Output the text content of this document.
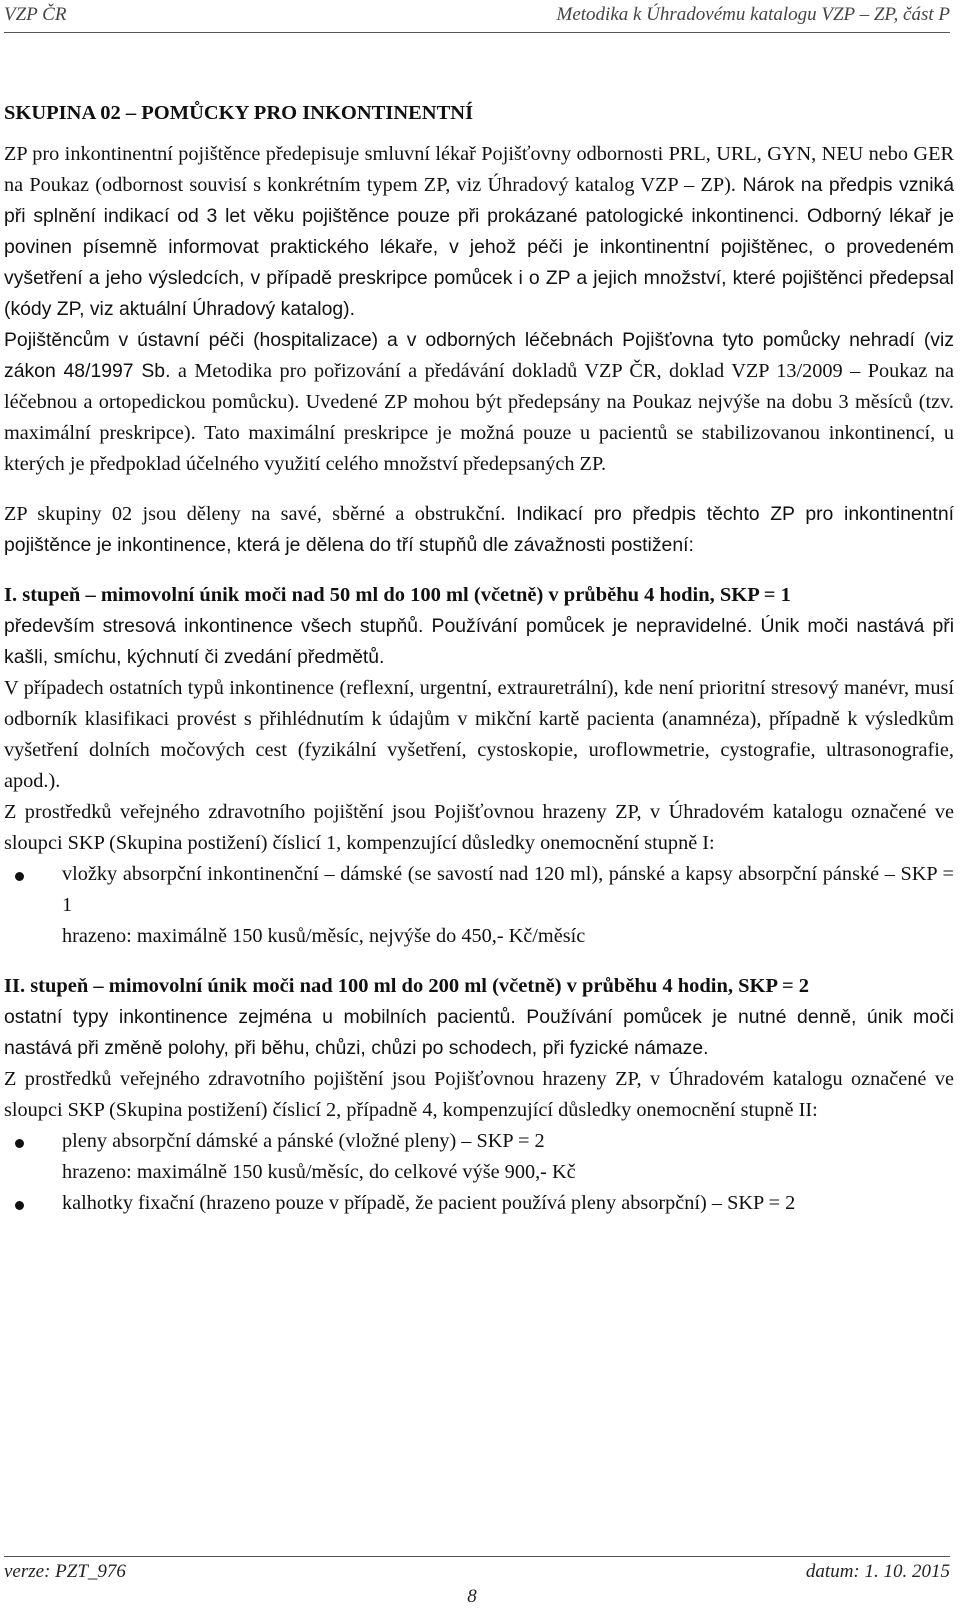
VZP ČR	Metodika k Úhradovému katalogu VZP – ZP, část P

SKUPINA 02 – POMŮCKY PRO INKONTINENTNÍ

ZP pro inkontinentní pojištěnce předepisuje smluvní lékař Pojišťovny odbornosti PRL, URL, GYN, NEU nebo GER na Poukaz (odbornost souvisí s konkrétním typem ZP, viz Úhradový katalog VZP – ZP). Nárok na předpis vzniká při splnění indikací od 3 let věku pojištěnce pouze při prokázané patologické inkontinenci. Odborný lékař je povinen písemně informovat praktického lékaře, v jehož péči je inkontinentní pojištěnec, o provedeném vyšetření a jeho výsledcích, v případě preskripce pomůcek i o ZP a jejich množství, které pojištěnci předepsal (kódy ZP, viz aktuální Úhradový katalog).

Pojištěncům v ústavní péči (hospitalizace) a v odborných léčebnách Pojišťovna tyto pomůcky nehradí (viz zákon 48/1997 Sb. a Metodika pro pořizování a předávání dokladů VZP ČR, doklad VZP 13/2009 – Poukaz na léčebnou a ortopedickou pomůcku). Uvedené ZP mohou být předepsány na Poukaz nejvýše na dobu 3 měsíců (tzv. maximální preskripce). Tato maximální preskripce je možná pouze u pacientů se stabilizovanou inkontinencí, u kterých je předpoklad účelného využití celého množství předepsaných ZP.

ZP skupiny 02 jsou děleny na savé, sběrné a obstrukční. Indikací pro předpis těchto ZP pro inkontinentní pojištěnce je inkontinence, která je dělena do tří stupňů dle závažnosti postižení:

I. stupeň – mimovolní únik moči nad 50 ml do 100 ml (včetně) v průběhu 4 hodin, SKP = 1

především stresová inkontinence všech stupňů. Používání pomůcek je nepravidelné. Únik moči nastává při kašli, smíchu, kýchnutí či zvedání předmětů.

V případech ostatních typů inkontinence (reflexní, urgentní, extrauretrální), kde není prioritní stresový manévr, musí odborník klasifikaci provést s přihlédnutím k údajům v mikční kartě pacienta (anamnéza), případně k výsledkům vyšetření dolních močových cest (fyzikální vyšetření, cystoskopie, uroflowmetrie, cystografie, ultrasonografie, apod.).

Z prostředků veřejného zdravotního pojištění jsou Pojišťovnou hrazeny ZP, v Úhradovém katalogu označené ve sloupci SKP (Skupina postižení) číslicí 1, kompenzující důsledky onemocnění stupně I:

vložky absorpční inkontinenční – dámské (se savostí nad 120 ml), pánské a kapsy absorpční pánské – SKP = 1
hrazeno: maximálně 150 kusů/měsíc, nejvýše do 450,- Kč/měsíc

II. stupeň – mimovolní únik moči nad 100 ml do 200 ml (včetně) v průběhu 4 hodin, SKP = 2

ostatní typy inkontinence zejména u mobilních pacientů. Používání pomůcek je nutné denně, únik moči nastává při změně polohy, při běhu, chůzi, chůzi po schodech, při fyzické námaze.

Z prostředků veřejného zdravotního pojištění jsou Pojišťovnou hrazeny ZP, v Úhradovém katalogu označené ve sloupci SKP (Skupina postižení) číslicí 2, případně 4, kompenzující důsledky onemocnění stupně II:

pleny absorpční dámské a pánské (vložné pleny) – SKP = 2
hrazeno: maximálně 150 kusů/měsíc, do celkové výše 900,- Kč
kalhotky fixační (hrazeno pouze v případě, že pacient používá pleny absorpční) – SKP = 2
verze: PZT_976	datum: 1. 10. 2015
8
